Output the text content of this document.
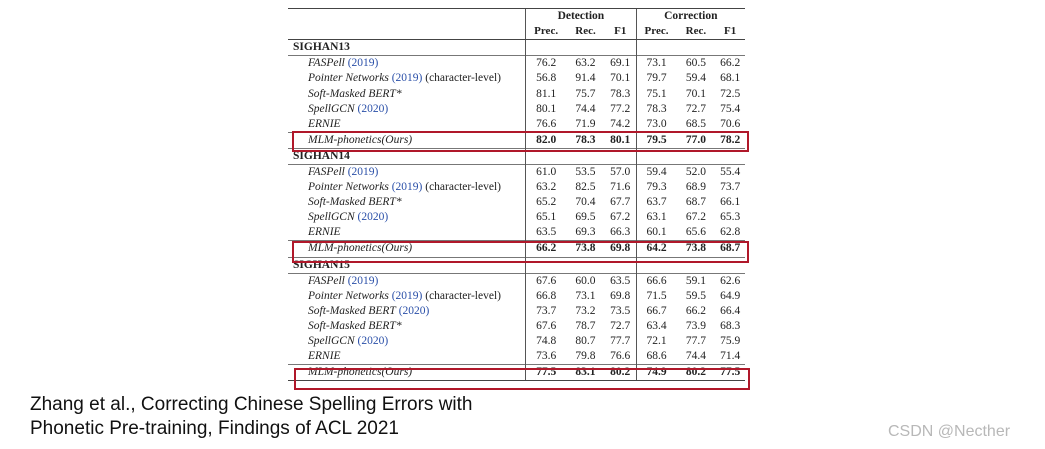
	Detection			Correction		
	Prec.	Rec.	F1	Prec.	Rec.	F1
SIGHAN13						
FASPell (2019)	76.2	63.2	69.1	73.1	60.5	66.2
Pointer Networks (2019) (character-level)	56.8	91.4	70.1	79.7	59.4	68.1
Soft-Masked BERT*	81.1	75.7	78.3	75.1	70.1	72.5
SpellGCN (2020)	80.1	74.4	77.2	78.3	72.7	75.4
ERNIE	76.6	71.9	74.2	73.0	68.5	70.6
MLM-phonetics(Ours)	82.0	78.3	80.1	79.5	77.0	78.2
SIGHAN14						
FASPell (2019)	61.0	53.5	57.0	59.4	52.0	55.4
Pointer Networks (2019) (character-level)	63.2	82.5	71.6	79.3	68.9	73.7
Soft-Masked BERT*	65.2	70.4	67.7	63.7	68.7	66.1
SpellGCN (2020)	65.1	69.5	67.2	63.1	67.2	65.3
ERNIE	63.5	69.3	66.3	60.1	65.6	62.8
MLM-phonetics(Ours)	66.2	73.8	69.8	64.2	73.8	68.7
SIGHAN15						
FASPell (2019)	67.6	60.0	63.5	66.6	59.1	62.6
Pointer Networks (2019) (character-level)	66.8	73.1	69.8	71.5	59.5	64.9
Soft-Masked BERT (2020)	73.7	73.2	73.5	66.7	66.2	66.4
Soft-Masked BERT*	67.6	78.7	72.7	63.4	73.9	68.3
SpellGCN (2020)	74.8	80.7	77.7	72.1	77.7	75.9
ERNIE	73.6	79.8	76.6	68.6	74.4	71.4
MLM-phonetics(Ours)	77.5	83.1	80.2	74.9	80.2	77.5
Zhang et al., Correcting Chinese Spelling Errors with
Phonetic Pre-training, Findings of ACL 2021	CSDN @Necther
